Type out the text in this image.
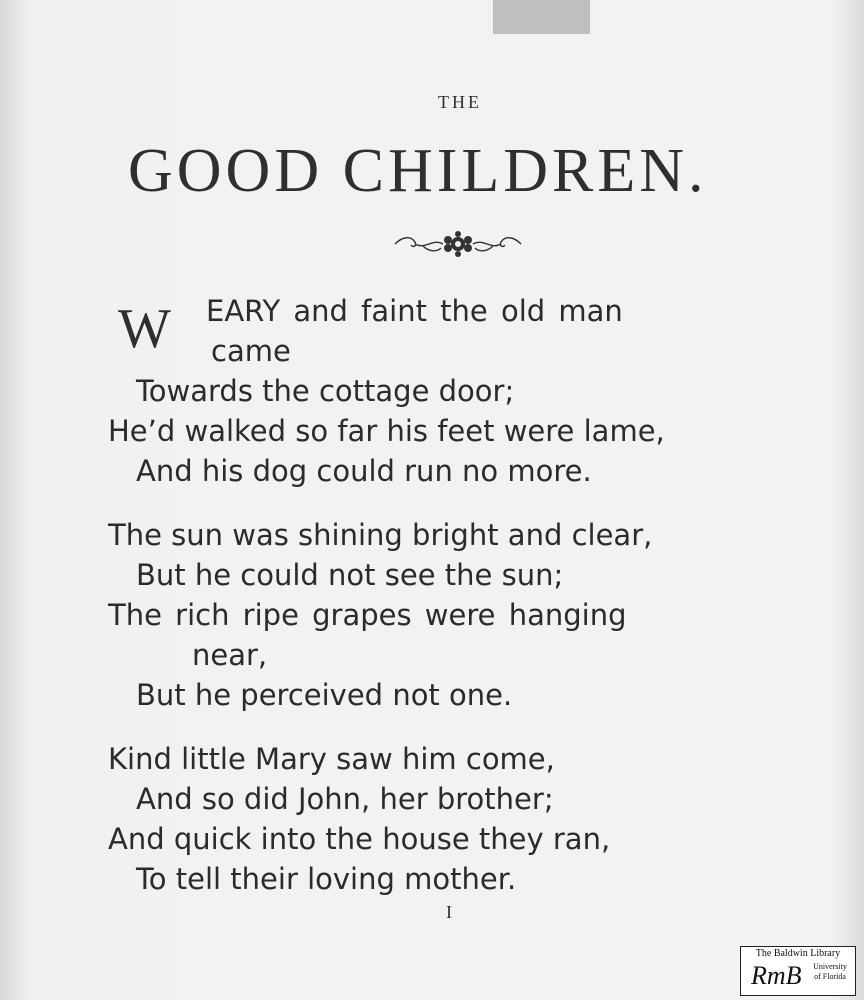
THE
GOOD CHILDREN.
W EARY and faint the old man
came
Towards the cottage door;
He’d walked so far his feet were lame,
And his dog could run no more.
The sun was shining bright and clear,
But he could not see the sun;
The rich ripe grapes were hanging
near,
But he perceived not one.
Kind little Mary saw him come,
And so did John, her brother;
And quick into the house they ran,
To tell their loving mother.
I
The Baldwin Library
RmB	University of Florida
